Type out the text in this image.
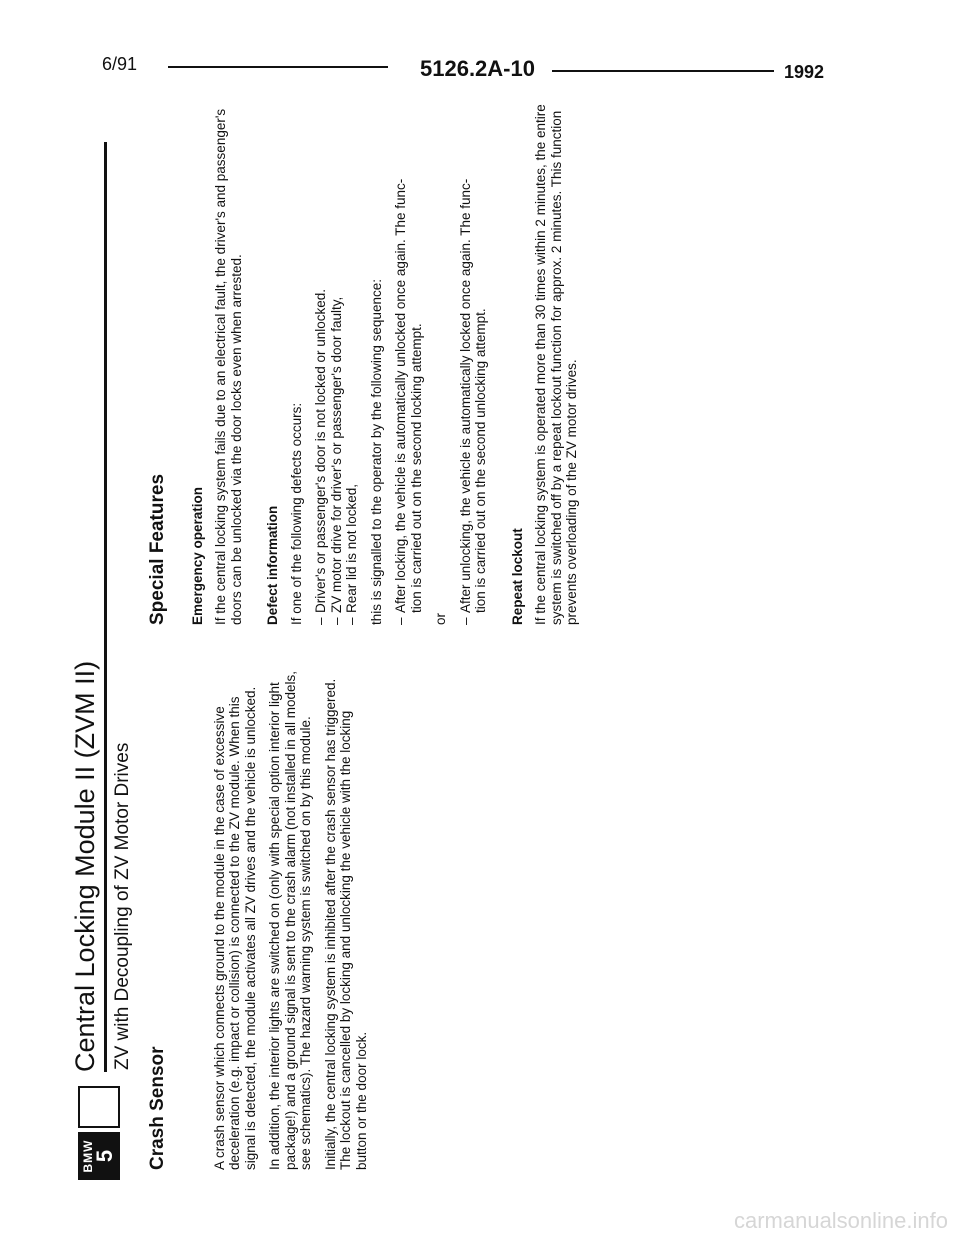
6/91	5126.2A-10	1992
BMW
5
Central Locking Module II (ZVM II) ZV with Decoupling of ZV Motor Drives
Crash Sensor	A crash sensor which connects ground to the module in the case of excessive deceleration (e.g. impact or collision) is connected to the ZV module. When this signal is detected, the module activates all ZV drives and the vehicle is unlocked. In addition, the interior lights are switched on (only with special option interior light package!) and a ground signal is sent to the crash alarm (not installed in all models, see schematics). The hazard warning system is switched on by this module. Initially, the central locking system is inhibited after the crash sensor has triggered. The lockout is cancelled by locking and unlocking the vehicle with the locking button or the door lock.

Special Features Emergency operation If the central locking system fails due to an electrical fault, the driver's and passenger's doors can be unlocked via the door locks even when arrested. Defect information If one of the following defects occurs: – Driver's or passenger's door is not locked or unlocked. – ZV motor drive for driver's or passenger's door faulty, – Rear lid is not locked, this is signalled to the operator by the following sequence: – After locking, the vehicle is automatically unlocked once again. The func-
tion is carried out on the second locking attempt.

or

– After unlocking, the vehicle is automatically locked once again. The func-
tion is carried out on the second unlocking attempt. Repeat lockout If the central locking system is operated more than 30 times within 2 minutes, the entire system is switched off by a repeat lockout function for approx. 2 minutes. This function prevents overloading of the ZV motor drives.

carmanualsonline.info
